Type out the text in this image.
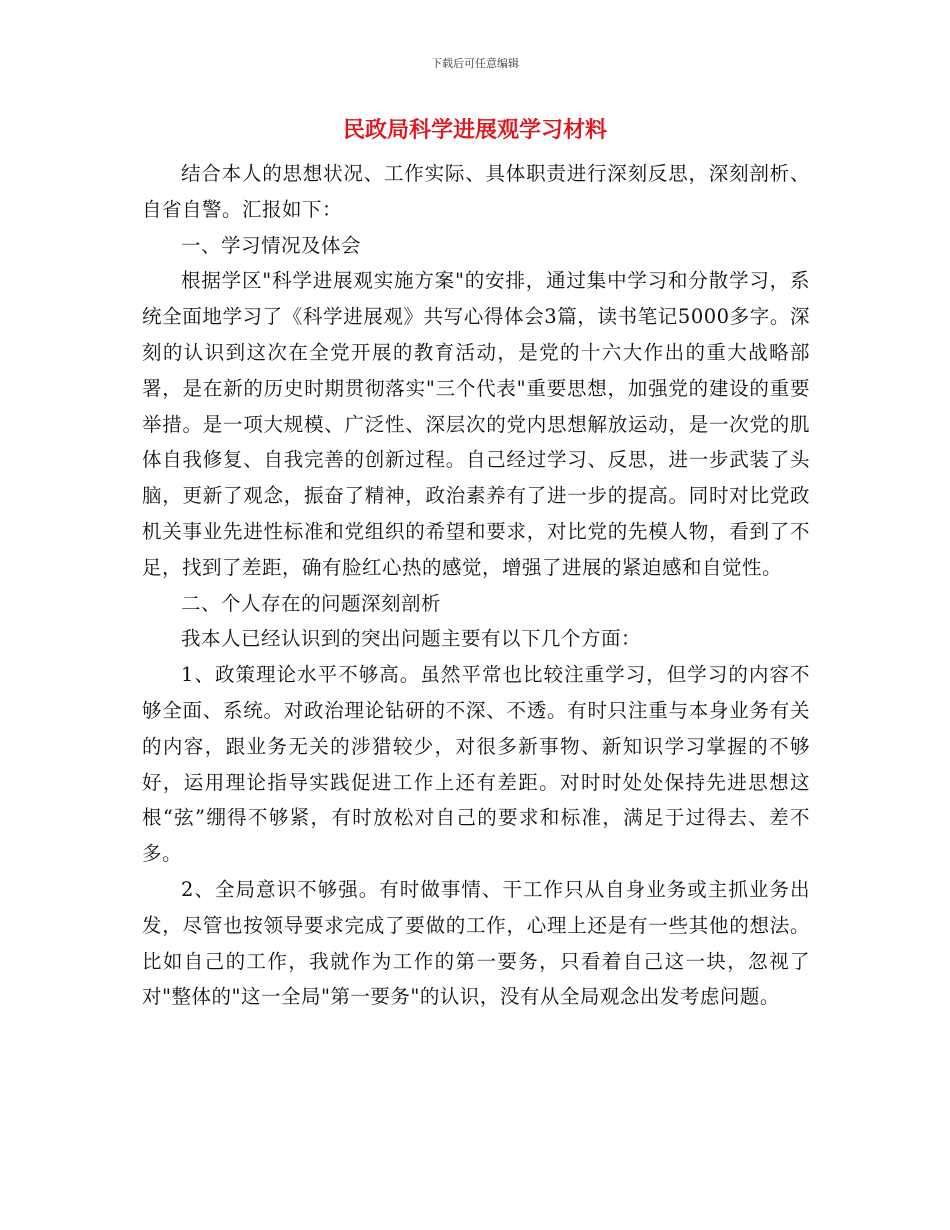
下载后可任意编辑
民政局科学进展观学习材料

结合本人的思想状况、工作实际、具体职责进行深刻反思，深刻剖析、自省自警。汇报如下：

一、学习情况及体会

根据学区"科学进展观实施方案"的安排，通过集中学习和分散学习，系统全面地学习了《科学进展观》共写心得体会3篇，读书笔记5000多字。深刻的认识到这次在全党开展的教育活动，是党的十六大作出的重大战略部署，是在新的历史时期贯彻落实"三个代表"重要思想，加强党的建设的重要举措。是一项大规模、广泛性、深层次的党内思想解放运动，是一次党的肌体自我修复、自我完善的创新过程。自己经过学习、反思，进一步武装了头脑，更新了观念，振奋了精神，政治素养有了进一步的提高。同时对比党政机关事业先进性标准和党组织的希望和要求，对比党的先模人物，看到了不足，找到了差距，确有脸红心热的感觉，增强了进展的紧迫感和自觉性。

二、个人存在的问题深刻剖析

我本人已经认识到的突出问题主要有以下几个方面：

1、政策理论水平不够高。虽然平常也比较注重学习，但学习的内容不够全面、系统。对政治理论钻研的不深、不透。有时只注重与本身业务有关的内容，跟业务无关的涉猎较少，对很多新事物、新知识学习掌握的不够好，运用理论指导实践促进工作上还有差距。对时时处处保持先进思想这根“弦”绷得不够紧，有时放松对自己的要求和标准，满足于过得去、差不多。

2、全局意识不够强。有时做事情、干工作只从自身业务或主抓业务出发，尽管也按领导要求完成了要做的工作，心理上还是有一些其他的想法。比如自己的工作，我就作为工作的第一要务，只看着自己这一块，忽视了对"整体的"这一全局"第一要务"的认识，没有从全局观念出发考虑问题。
